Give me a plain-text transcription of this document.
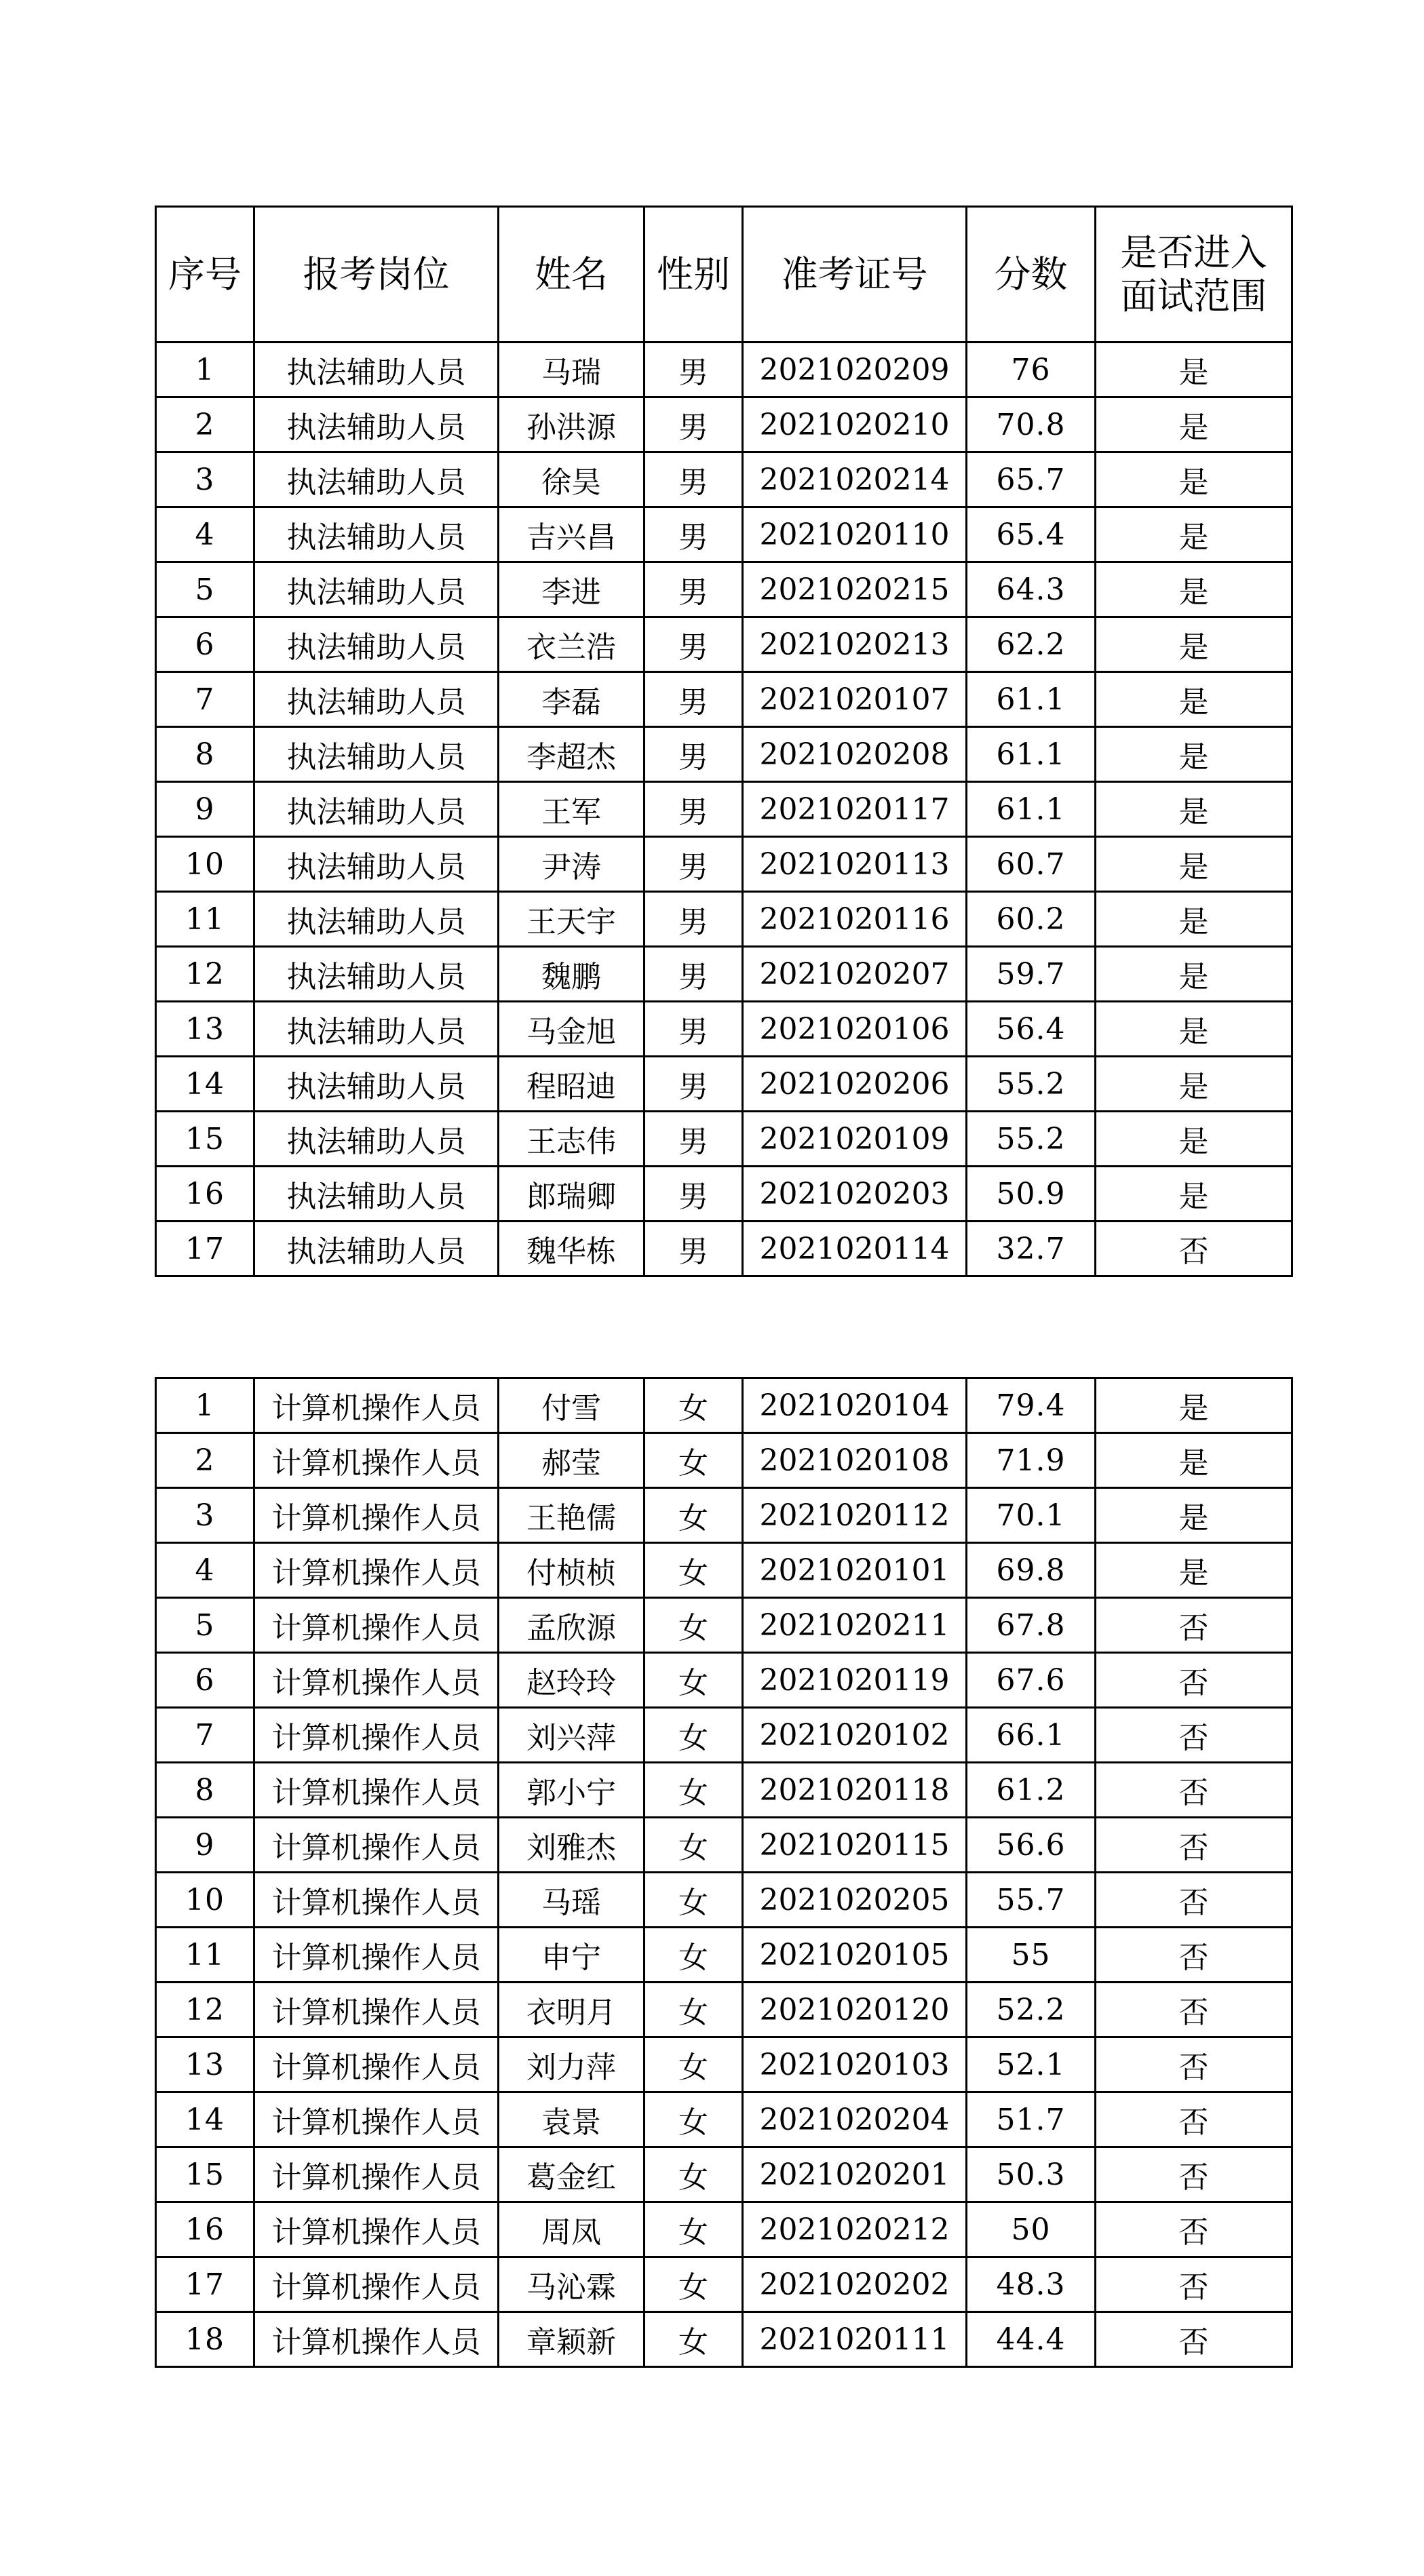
序号	报考岗位	姓名	性别	准考证号	分数	是否进入
面试范围

1	执法辅助人员	马瑞	男	2021020209	76	是
2	执法辅助人员	孙洪源	男	2021020210	70.8	是
3	执法辅助人员	徐昊	男	2021020214	65.7	是
4	执法辅助人员	吉兴昌	男	2021020110	65.4	是
5	执法辅助人员	李进	男	2021020215	64.3	是
6	执法辅助人员	衣兰浩	男	2021020213	62.2	是
7	执法辅助人员	李磊	男	2021020107	61.1	是
8	执法辅助人员	李超杰	男	2021020208	61.1	是
9	执法辅助人员	王军	男	2021020117	61.1	是
10	执法辅助人员	尹涛	男	2021020113	60.7	是
11	执法辅助人员	王天宇	男	2021020116	60.2	是
12	执法辅助人员	魏鹏	男	2021020207	59.7	是
13	执法辅助人员	马金旭	男	2021020106	56.4	是
14	执法辅助人员	程昭迪	男	2021020206	55.2	是
15	执法辅助人员	王志伟	男	2021020109	55.2	是
16	执法辅助人员	郎瑞卿	男	2021020203	50.9	是
17	执法辅助人员	魏华栋	男	2021020114	32.7	否
1	计算机操作人员	付雪	女	2021020104	79.4	是
2	计算机操作人员	郝莹	女	2021020108	71.9	是
3	计算机操作人员	王艳儒	女	2021020112	70.1	是
4	计算机操作人员	付桢桢	女	2021020101	69.8	是
5	计算机操作人员	孟欣源	女	2021020211	67.8	否
6	计算机操作人员	赵玲玲	女	2021020119	67.6	否
7	计算机操作人员	刘兴萍	女	2021020102	66.1	否
8	计算机操作人员	郭小宁	女	2021020118	61.2	否
9	计算机操作人员	刘雅杰	女	2021020115	56.6	否
10	计算机操作人员	马瑶	女	2021020205	55.7	否
11	计算机操作人员	申宁	女	2021020105	55	否
12	计算机操作人员	衣明月	女	2021020120	52.2	否
13	计算机操作人员	刘力萍	女	2021020103	52.1	否
14	计算机操作人员	袁景	女	2021020204	51.7	否
15	计算机操作人员	葛金红	女	2021020201	50.3	否
16	计算机操作人员	周凤	女	2021020212	50	否
17	计算机操作人员	马沁霖	女	2021020202	48.3	否
18	计算机操作人员	章颖新	女	2021020111	44.4	否
